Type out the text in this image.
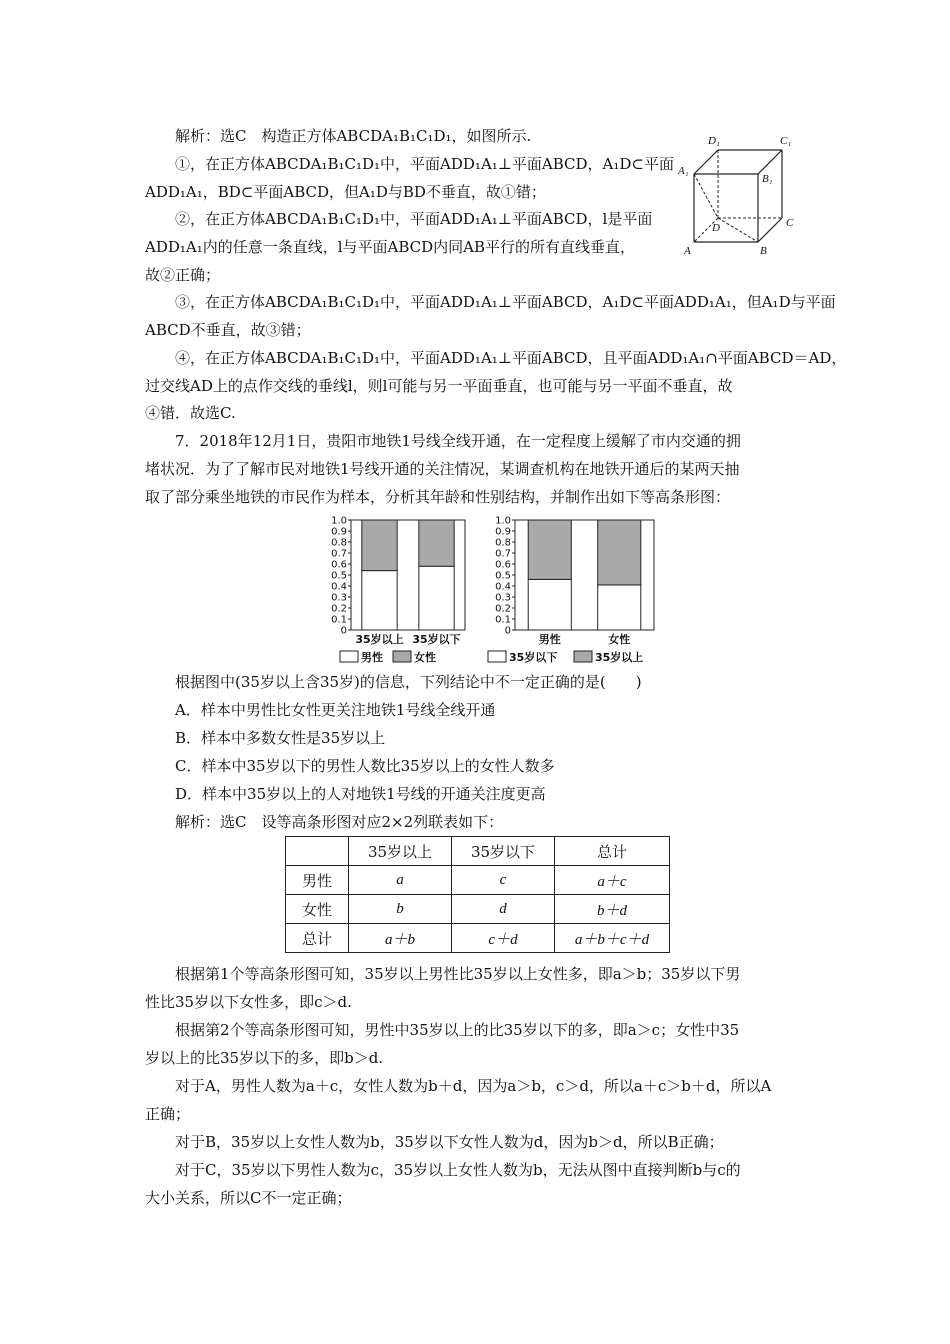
解析：选C　构造正方体ABCDA₁B₁C₁D₁，如图所示.
①，在正方体ABCDA₁B₁C₁D₁中，平面ADD₁A₁⊥平面ABCD，A₁D⊂平面
ADD₁A₁，BD⊂平面ABCD，但A₁D与BD不垂直，故①错；
②，在正方体ABCDA₁B₁C₁D₁中，平面ADD₁A₁⊥平面ABCD，l是平面
ADD₁A₁内的任意一条直线，l与平面ABCD内同AB平行的所有直线垂直，
故②正确；
③，在正方体ABCDA₁B₁C₁D₁中，平面ADD₁A₁⊥平面ABCD，A₁D⊂平面ADD₁A₁，但A₁D与平面
ABCD不垂直，故③错；
④，在正方体ABCDA₁B₁C₁D₁中，平面ADD₁A₁⊥平面ABCD，且平面ADD₁A₁∩平面ABCD＝AD，
过交线AD上的点作交线的垂线l，则l可能与另一平面垂直，也可能与另一平面不垂直，故
④错．故选C.
D₁	C₁
A₁
B₁
D	C
A	B
7．2018年12月1日，贵阳市地铁1号线全线开通，在一定程度上缓解了市内交通的拥
堵状况．为了了解市民对地铁1号线开通的关注情况，某调查机构在地铁开通后的某两天抽
取了部分乘坐地铁的市民作为样本，分析其年龄和性别结构，并制作出如下等高条形图：
0
0.1
0.2
0.3
0.4
0.5
0.6
0.7
0.8
0.9
1.0
35岁以上 35岁以下
男性	女性
0
0.1
0.2
0.3
0.4
0.5
0.6
0.7
0.8
0.9
1.0
男性	女性
35岁以下	35岁以上
根据图中(35岁以上含35岁)的信息，下列结论中不一定正确的是(　　)
A．样本中男性比女性更关注地铁1号线全线开通
B．样本中多数女性是35岁以上
C．样本中35岁以下的男性人数比35岁以上的女性人数多
D．样本中35岁以上的人对地铁1号线的开通关注度更高
解析：选C　设等高条形图对应2×2列联表如下：
	35岁以上	35岁以下	总计
男性	a	c	a＋c
女性	b	d	b＋d
总计	a＋b	c＋d	a＋b＋c＋d
根据第1个等高条形图可知，35岁以上男性比35岁以上女性多，即a＞b；35岁以下男
性比35岁以下女性多，即c＞d.
根据第2个等高条形图可知，男性中35岁以上的比35岁以下的多，即a＞c；女性中35
岁以上的比35岁以下的多，即b＞d.
对于A，男性人数为a＋c，女性人数为b＋d，因为a＞b，c＞d，所以a＋c＞b＋d，所以A
正确；
对于B，35岁以上女性人数为b，35岁以下女性人数为d，因为b＞d，所以B正确；
对于C，35岁以下男性人数为c，35岁以上女性人数为b，无法从图中直接判断b与c的
大小关系，所以C不一定正确；
